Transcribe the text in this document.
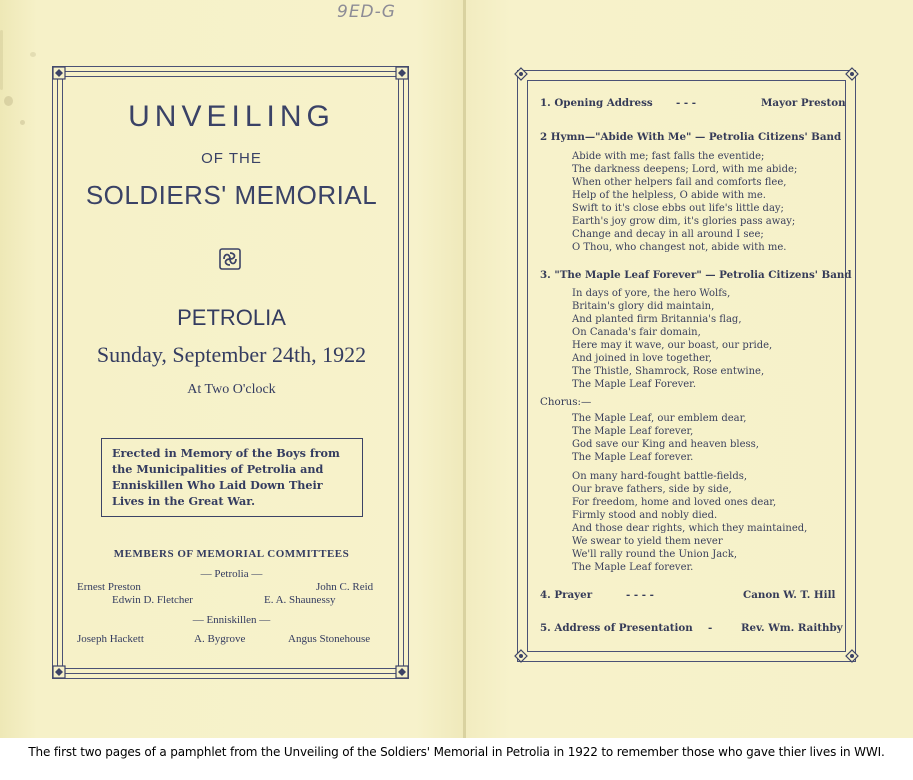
9ED-G
UNVEILING
OF THE
SOLDIERS' MEMORIAL
PETROLIA
Sunday, September 24th, 1922
At Two O'clock
Erected in Memory of the Boys from the Municipalities of Petrolia and Enniskillen Who Laid Down Their Lives in the Great War.
MEMBERS OF MEMORIAL COMMITTEES
— Petrolia —
Ernest Preston	John C. Reid
Edwin D. Fletcher	E. A. Shaunessy
— Enniskillen —
Joseph Hackett	A. Bygrove	Angus Stonehouse
1. Opening Address - - -	Mayor Preston
2 Hymn—"Abide With Me" — Petrolia Citizens' Band
Abide with me; fast falls the eventide;
The darkness deepens; Lord, with me abide;
When other helpers fail and comforts flee,
Help of the helpless, O abide with me.
Swift to it's close ebbs out life's little day;
Earth's joy grow dim, it's glories pass away;
Change and decay in all around I see;
O Thou, who changest not, abide with me.
3. "The Maple Leaf Forever" — Petrolia Citizens' Band
In days of yore, the hero Wolfs,
Britain's glory did maintain,
And planted firm Britannia's flag,
On Canada's fair domain,
Here may it wave, our boast, our pride,
And joined in love together,
The Thistle, Shamrock, Rose entwine,
The Maple Leaf Forever.
Chorus:—
The Maple Leaf, our emblem dear,
The Maple Leaf forever,
God save our King and heaven bless,
The Maple Leaf forever.
On many hard-fought battle-fields,
Our brave fathers, side by side,
For freedom, home and loved ones dear,
Firmly stood and nobly died.
And those dear rights, which they maintained,
We swear to yield them never
We'll rally round the Union Jack,
The Maple Leaf forever.
4. Prayer	- - - -	Canon W. T. Hill
5. Address of Presentation -	Rev. Wm. Raithby
The first two pages of a pamphlet from the Unveiling of the Soldiers' Memorial in Petrolia in 1922 to remember those who gave thier lives in WWI.
